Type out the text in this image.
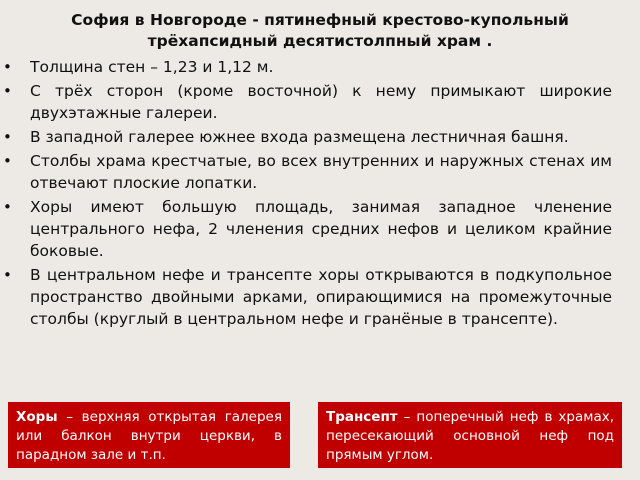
София в Новгороде - пятинефный крестово-купольный трёхапсидный десятистолпный храм .
• Толщина стен – 1,23 и 1,12 м.
• С трёх сторон (кроме восточной) к нему примыкают широкие двухэтажные галереи.
• В западной галерее южнее входа размещена лестничная башня.
• Столбы храма крестчатые, во всех внутренних и наружных стенах им отвечают плоские лопатки.
• Хоры имеют большую площадь, занимая западное членение центрального нефа, 2 членения средних нефов и целиком крайние боковые.
• В центральном нефе и трансепте хоры открываются в подкупольное пространство двойными арками, опирающимися на промежуточные столбы (круглый в центральном нефе и гранёные в трансепте).
Хоры – верхняя открытая галерея или балкон внутри церкви, в парадном зале и т.п.
Трансепт – поперечный неф в храмах, пересекающий основной неф под прямым углом.
